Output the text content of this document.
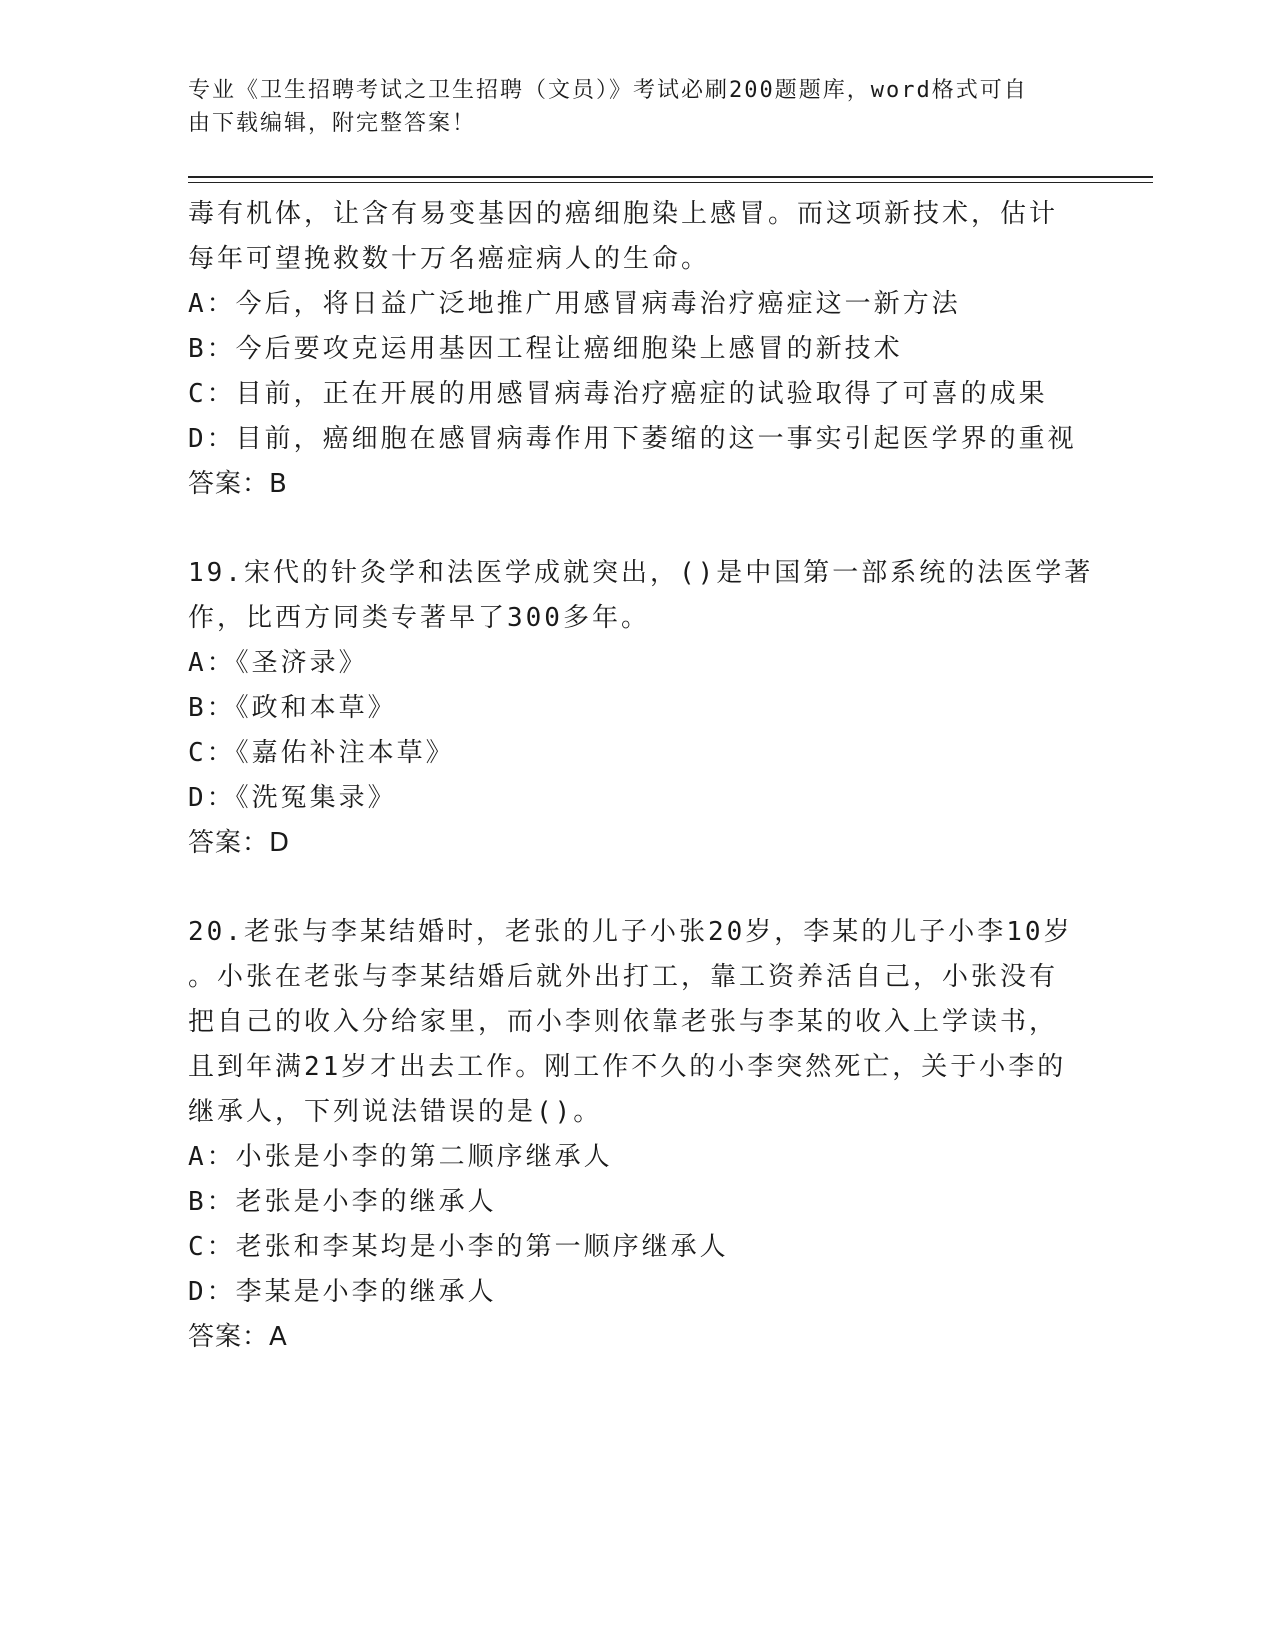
专业《卫生招聘考试之卫生招聘（文员）》考试必刷200题题库，word格式可自
由下载编辑，附完整答案！
毒有机体，让含有易变基因的癌细胞染上感冒。而这项新技术，估计
每年可望挽救数十万名癌症病人的生命。
A：今后，将日益广泛地推广用感冒病毒治疗癌症这一新方法
B：今后要攻克运用基因工程让癌细胞染上感冒的新技术
C：目前，正在开展的用感冒病毒治疗癌症的试验取得了可喜的成果
D：目前，癌细胞在感冒病毒作用下萎缩的这一事实引起医学界的重视
答案：B
19.宋代的针灸学和法医学成就突出，()是中国第一部系统的法医学著
作，比西方同类专著早了300多年。
A：《圣济录》
B：《政和本草》
C：《嘉佑补注本草》
D：《洗冤集录》
答案：D
20.老张与李某结婚时，老张的儿子小张20岁，李某的儿子小李10岁
。小张在老张与李某结婚后就外出打工，靠工资养活自己，小张没有
把自己的收入分给家里，而小李则依靠老张与李某的收入上学读书，
且到年满21岁才出去工作。刚工作不久的小李突然死亡，关于小李的
继承人，下列说法错误的是()。
A：小张是小李的第二顺序继承人
B：老张是小李的继承人
C：老张和李某均是小李的第一顺序继承人
D：李某是小李的继承人
答案：A
